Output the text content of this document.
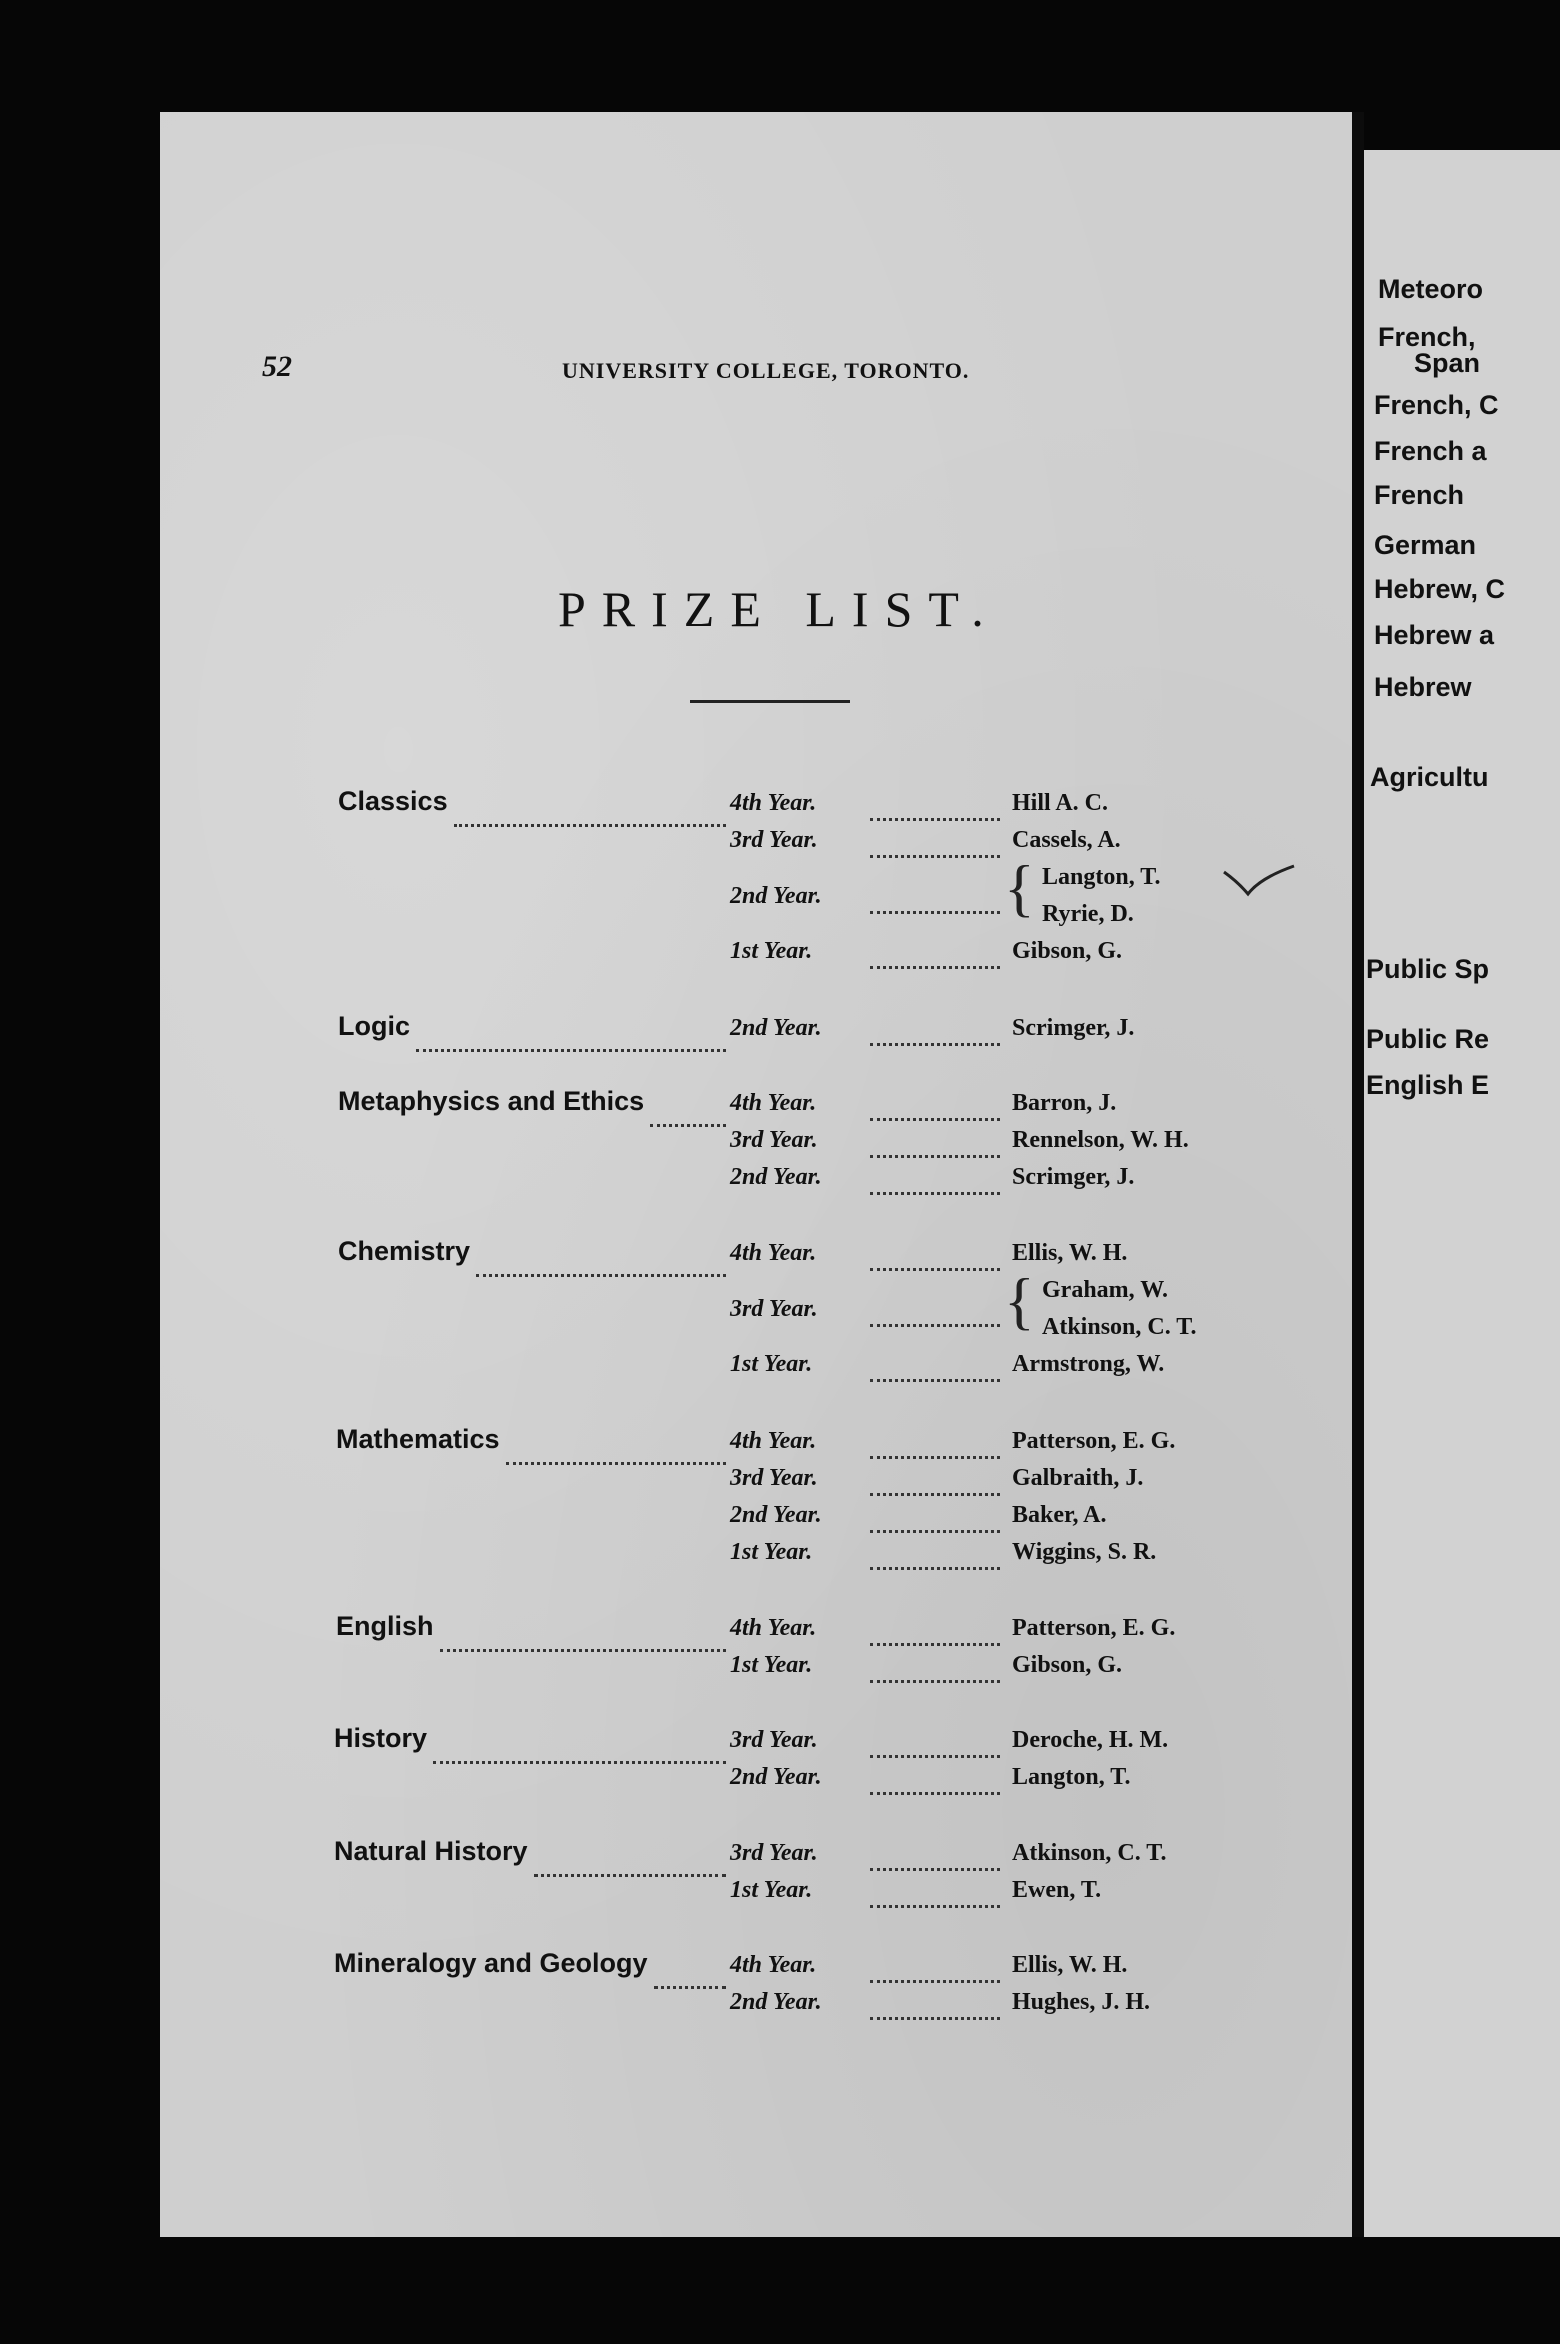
Meteoro
French,
Span
French, C
French a
French
German
Hebrew, C
Hebrew a
Hebrew
Agricultu
Public Sp
Public Re
English E
52	UNIVERSITY COLLEGE, TORONTO.
PRIZE LIST.
Classics	4th Year.	Hill A. C.
3rd Year.	Cassels, A.
2nd Year.	{ Langton, T.
Ryrie, D.
1st Year.	Gibson, G.
Logic	2nd Year.	Scrimger, J.
Metaphysics and Ethics	4th Year.	Barron, J.
3rd Year.	Rennelson, W. H.
2nd Year.	Scrimger, J.
Chemistry	4th Year.	Ellis, W. H.
3rd Year.	{ Graham, W.
Atkinson, C. T.
1st Year.	Armstrong, W.
Mathematics	4th Year.	Patterson, E. G.
3rd Year.	Galbraith, J.
2nd Year.	Baker, A.
1st Year.	Wiggins, S. R.
English	4th Year.	Patterson, E. G.
1st Year.	Gibson, G.
History	3rd Year.	Deroche, H. M.
2nd Year.	Langton, T.
Natural History	3rd Year.	Atkinson, C. T.
1st Year.	Ewen, T.
Mineralogy and Geology	4th Year.	Ellis, W. H.
2nd Year.	Hughes, J. H.
